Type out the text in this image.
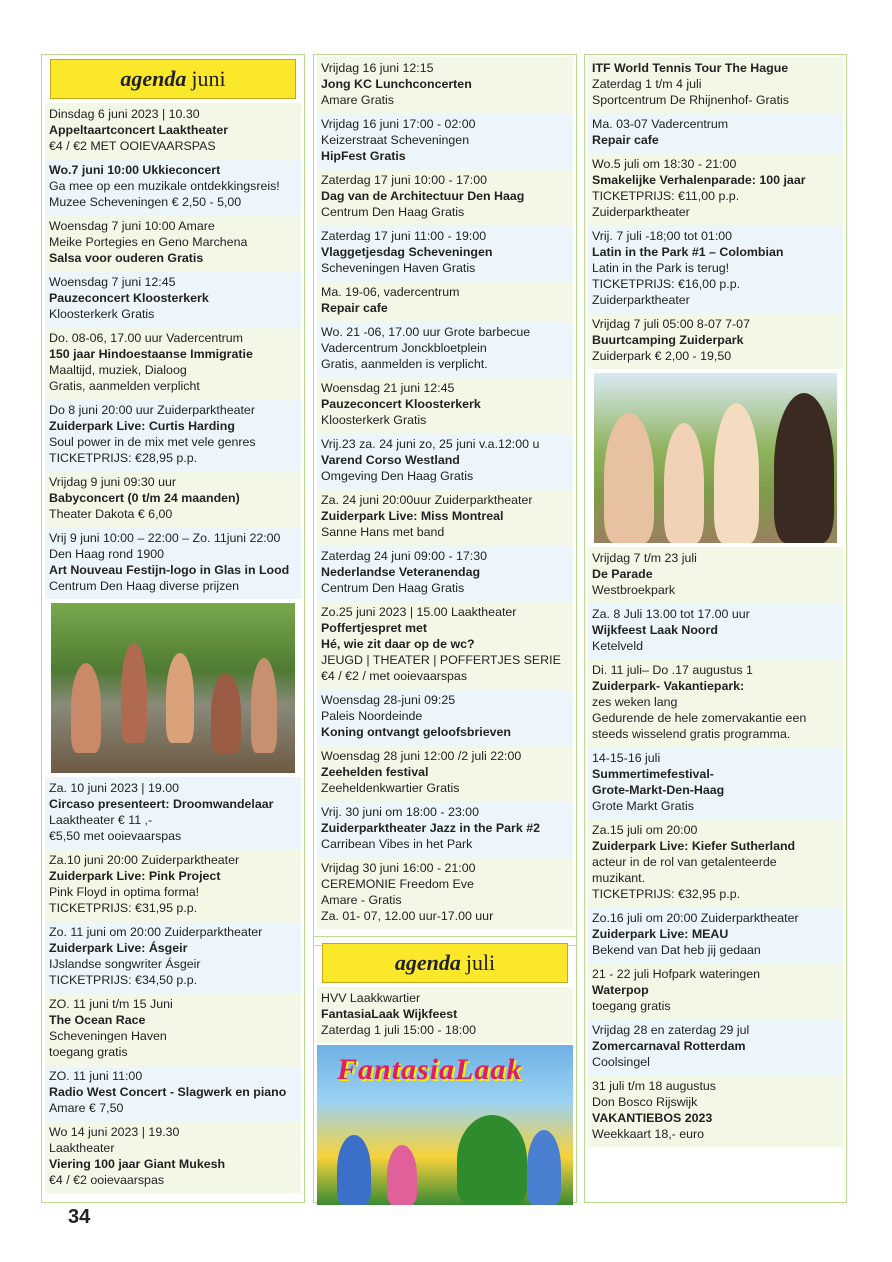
agenda juni
Dinsdag 6 juni 2023 | 10.30
Appeltaartconcert Laaktheater
€4 / €2 MET OOIEVAARSPAS
Wo.7 juni 10:00 Ukkieconcert
Ga mee op een muzikale ontdekkingsreis!
Muzee Scheveningen € 2,50 - 5,00
Woensdag 7 juni 10:00 Amare
Meike Portegies en Geno Marchena
Salsa voor ouderen Gratis
Woensdag 7 juni 12:45
Pauzeconcert Kloosterkerk
Kloosterkerk Gratis
Do. 08-06, 17.00 uur Vadercentrum
150 jaar Hindoestaanse Immigratie
Maaltijd, muziek, Dialoog
Gratis, aanmelden verplicht
Do 8 juni 20:00 uur Zuiderparktheater
Zuiderpark Live: Curtis Harding
Soul power in de mix met vele genres
TICKETPRIJS: €28,95 p.p.
Vrijdag 9 juni 09:30 uur
Babyconcert (0 t/m 24 maanden)
Theater Dakota € 6,00
Vrij 9 juni 10:00 – 22:00 – Zo. 11juni 22:00
Den Haag rond 1900
Art Nouveau Festijn-logo in Glas in Lood
Centrum Den Haag diverse prijzen
Za. 10 juni 2023 | 19.00
Circaso presenteert: Droomwandelaar
Laaktheater € 11 ,-
€5,50 met ooievaarspas
Za.10 juni 20:00 Zuiderparktheater
Zuiderpark Live: Pink Project
Pink Floyd in optima forma!
TICKETPRIJS: €31,95 p.p.
Zo. 11 juni om 20:00 Zuiderparktheater
Zuiderpark Live: Ásgeir
IJslandse songwriter Ásgeir
TICKETPRIJS: €34,50 p.p.
ZO. 11 juni t/m 15 Juni
The Ocean Race
Scheveningen Haven
toegang gratis
ZO. 11 juni 11:00
Radio West Concert - Slagwerk en piano
Amare € 7,50
Wo 14 juni 2023 | 19.30
Laaktheater
Viering 100 jaar Giant Mukesh
€4 / €2 ooievaarspas
Vrijdag 16 juni 12:15
Jong KC Lunchconcerten
Amare Gratis
Vrijdag 16 juni 17:00 - 02:00
Keizerstraat Scheveningen
HipFest Gratis
Zaterdag 17 juni 10:00 - 17:00
Dag van de Architectuur Den Haag
Centrum Den Haag Gratis
Zaterdag 17 juni 11:00 - 19:00
Vlaggetjesdag Scheveningen
Scheveningen Haven Gratis
Ma. 19-06, vadercentrum
Repair cafe
Wo. 21 -06, 17.00 uur Grote barbecue
Vadercentrum Jonckbloetplein
Gratis, aanmelden is verplicht.
Woensdag 21 juni 12:45
Pauzeconcert Kloosterkerk
Kloosterkerk Gratis
Vrij.23 za. 24 juni zo, 25 juni v.a.12:00 u
Varend Corso Westland
Omgeving Den Haag Gratis
Za. 24 juni 20:00uur Zuiderparktheater
Zuiderpark Live: Miss Montreal
Sanne Hans met band
Zaterdag 24 juni 09:00 - 17:30
Nederlandse Veteranendag
Centrum Den Haag Gratis
Zo.25 juni 2023 | 15.00 Laaktheater
Poffertjespret met
Hé, wie zit daar op de wc?
JEUGD | THEATER | POFFERTJES SERIE
€4 / €2 / met ooievaarspas
Woensdag 28-juni 09:25
Paleis Noordeinde
Koning ontvangt geloofsbrieven
Woensdag 28 juni 12:00 /2 juli 22:00
Zeehelden festival
Zeeheldenkwartier Gratis
Vrij. 30 juni om 18:00 - 23:00
Zuiderparktheater Jazz in the Park #2
Carribean Vibes in het Park
Vrijdag 30 juni 16:00 - 21:00
CEREMONIE Freedom Eve
Amare - Gratis
Za. 01- 07, 12.00 uur-17.00 uur
agenda juli
HVV Laakkwartier
FantasiaLaak Wijkfeest
Zaterdag 1 juli 15:00 - 18:00
FantasiaLaak
ITF World Tennis Tour The Hague
Zaterdag 1 t/m 4 juli
Sportcentrum De Rhijnenhof- Gratis
Ma. 03-07 Vadercentrum
Repair cafe
Wo.5 juli om 18:30 - 21:00
Smakelijke Verhalenparade: 100 jaar
TICKETPRIJS: €11,00 p.p.
Zuiderparktheater
Vrij. 7 juli -18;00 tot 01:00
Latin in the Park #1 – Colombian
Latin in the Park is terug!
TICKETPRIJS: €16,00 p.p.
Zuiderparktheater
Vrijdag 7 juli 05:00 8-07 7-07
Buurtcamping Zuiderpark
Zuiderpark € 2,00 - 19,50
Vrijdag 7 t/m 23 juli
De Parade
Westbroekpark
Za. 8 Juli 13.00 tot 17.00 uur
Wijkfeest Laak Noord
Ketelveld
Di. 11 juli– Do .17 augustus 1
Zuiderpark- Vakantiepark:
zes weken lang
Gedurende de hele zomervakantie een
steeds wisselend gratis programma.
14-15-16 juli
Summertimefestival-
Grote-Markt-Den-Haag
Grote Markt Gratis
Za.15 juli om 20:00
Zuiderpark Live: Kiefer Sutherland
acteur in de rol van getalenteerde
muzikant.
TICKETPRIJS: €32,95 p.p.
Zo.16 juli om 20:00 Zuiderparktheater
Zuiderpark Live: MEAU
Bekend van Dat heb jij gedaan
21 - 22 juli Hofpark wateringen
Waterpop
toegang gratis
Vrijdag 28 en zaterdag 29 jul
Zomercarnaval Rotterdam
Coolsingel
31 juli t/m 18 augustus
Don Bosco Rijswijk
VAKANTIEBOS 2023
Weekkaart 18,- euro
34
